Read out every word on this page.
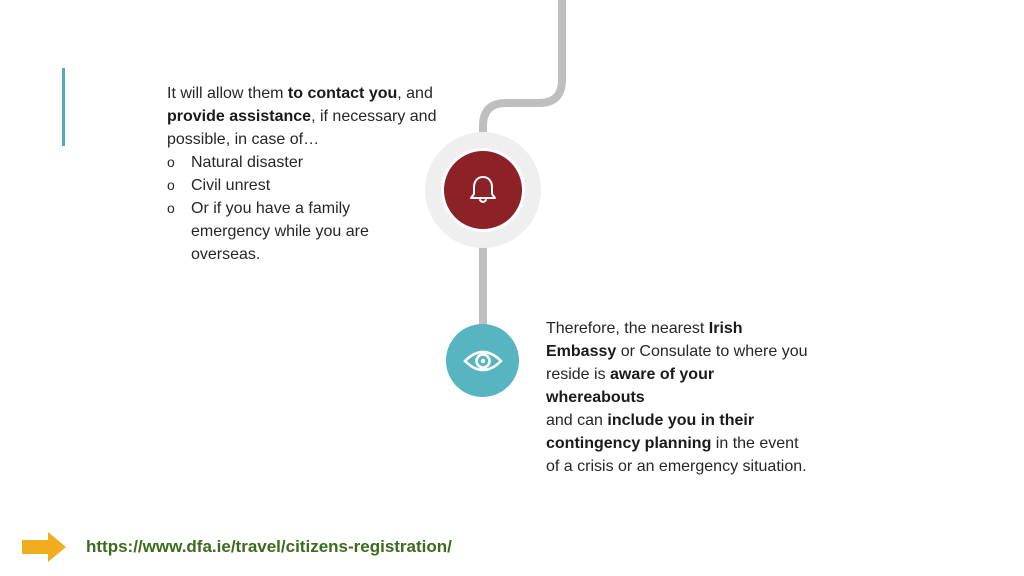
It will allow them to contact you, and provide assistance, if necessary and possible, in case of…
o Natural disaster
o Civil unrest
o Or if you have a family emergency while you are overseas.
Therefore, the nearest Irish Embassy or Consulate to where you reside is aware of your whereabouts
and can include you in their contingency planning in the event of a crisis or an emergency situation.
https://www.dfa.ie/travel/citizens-registration/
